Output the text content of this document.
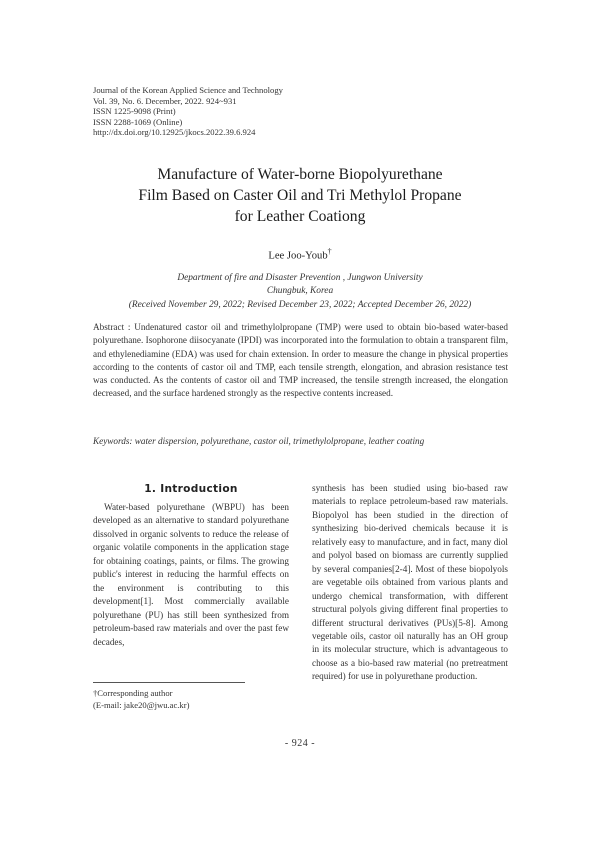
Journal of the Korean Applied Science and Technology
Vol. 39, No. 6. December, 2022. 924~931
ISSN 1225-9098 (Print)
ISSN 2288-1069 (Online)
http://dx.doi.org/10.12925/jkocs.2022.39.6.924
Manufacture of Water-borne Biopolyurethane
Film Based on Caster Oil and Tri Methylol Propane
for Leather Coationg
Lee Joo-Youb†
Department of fire and Disaster Prevention , Jungwon University
Chungbuk, Korea
(Received November 29, 2022; Revised December 23, 2022; Accepted December 26, 2022)
Abstract : Undenatured castor oil and trimethylolpropane (TMP) were used to obtain bio-based water-based polyurethane. Isophorone diisocyanate (IPDI) was incorporated into the formulation to obtain a transparent film, and ethylenediamine (EDA) was used for chain extension. In order to measure the change in physical properties according to the contents of castor oil and TMP, each tensile strength, elongation, and abrasion resistance test was conducted. As the contents of castor oil and TMP increased, the tensile strength increased, the elongation decreased, and the surface hardened strongly as the respective contents increased.
Keywords: water dispersion, polyurethane, castor oil, trimethylolpropane, leather coating
1. Introduction

Water-based polyurethane (WBPU) has been developed as an alternative to standard polyurethane dissolved in organic solvents to reduce the release of organic volatile components in the application stage for obtaining coatings, paints, or films. The growing public's interest in reducing the harmful effects on the environment is contributing to this development[1]. Most commercially available polyurethane (PU) has still been synthesized from petroleum-based raw materials and over the past few decades,

synthesis has been studied using bio-based raw materials to replace petroleum-based raw materials. Biopolyol has been studied in the direction of synthesizing bio-derived chemicals because it is relatively easy to manufacture, and in fact, many diol and polyol based on biomass are currently supplied by several companies[2-4]. Most of these biopolyols are vegetable oils obtained from various plants and undergo chemical transformation, with different structural polyols giving different final properties to different structural derivatives (PUs)[5-8]. Among vegetable oils, castor oil naturally has an OH group in its molecular structure, which is advantageous to choose as a bio-based raw material (no pretreatment required) for use in polyurethane production.

†Corresponding author
(E-mail: jake20@jwu.ac.kr)
- 924 -
